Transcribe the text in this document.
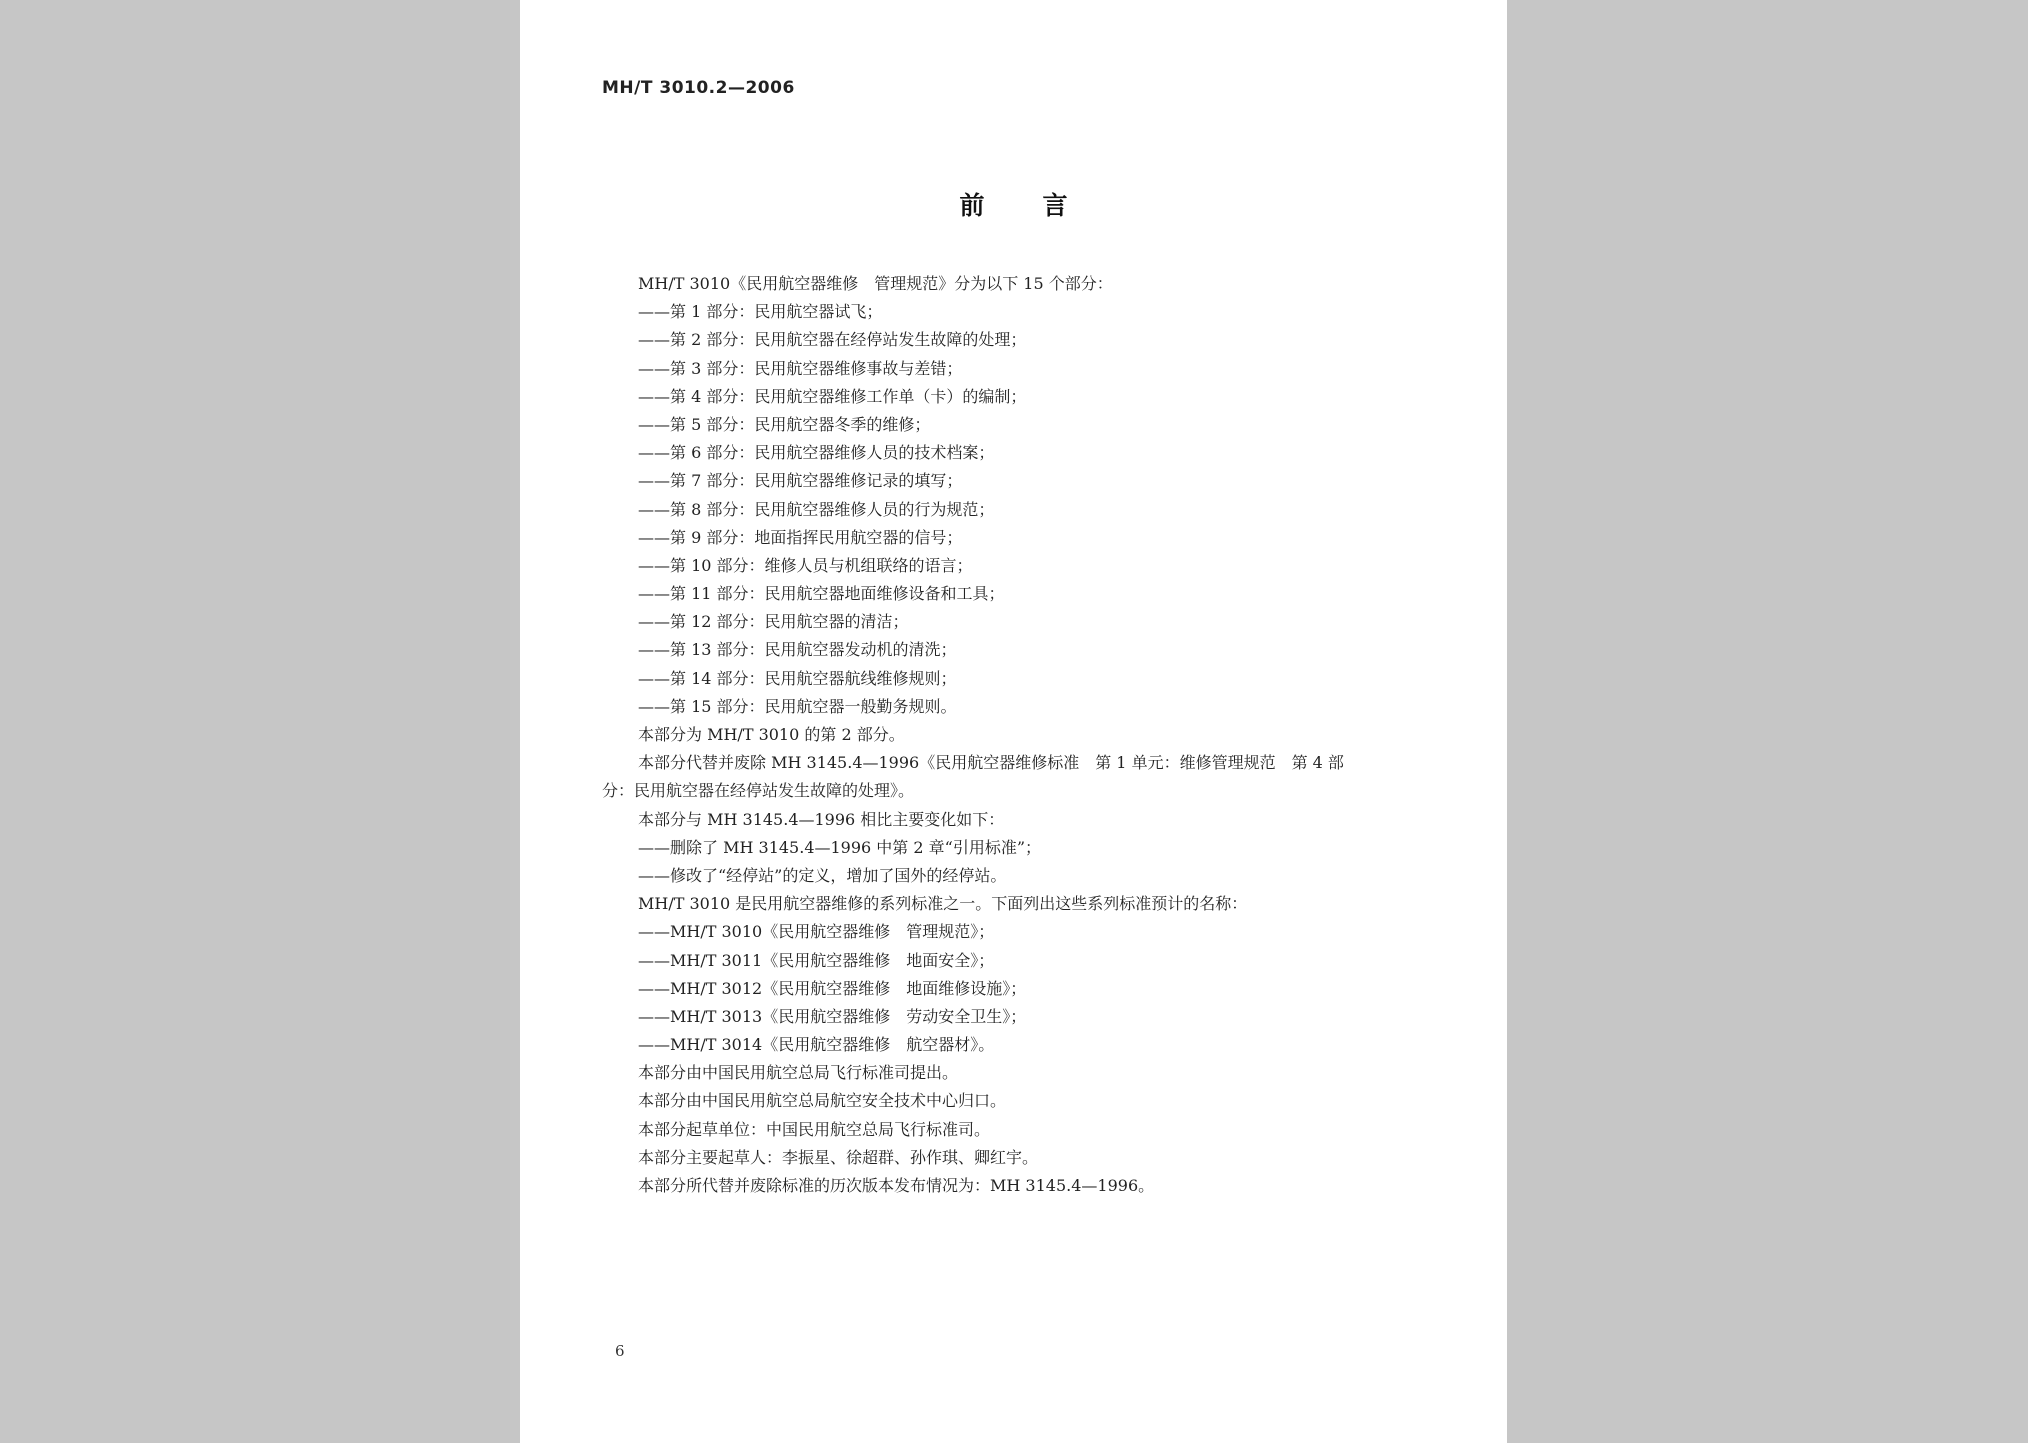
MH/T 3010.2—2006
前言
MH/T 3010《民用航空器维修　管理规范》分为以下 15 个部分：
——第 1 部分：民用航空器试飞；
——第 2 部分：民用航空器在经停站发生故障的处理；
——第 3 部分：民用航空器维修事故与差错；
——第 4 部分：民用航空器维修工作单（卡）的编制；
——第 5 部分：民用航空器冬季的维修；
——第 6 部分：民用航空器维修人员的技术档案；
——第 7 部分：民用航空器维修记录的填写；
——第 8 部分：民用航空器维修人员的行为规范；
——第 9 部分：地面指挥民用航空器的信号；
——第 10 部分：维修人员与机组联络的语言；
——第 11 部分：民用航空器地面维修设备和工具；
——第 12 部分：民用航空器的清洁；
——第 13 部分：民用航空器发动机的清洗；
——第 14 部分：民用航空器航线维修规则；
——第 15 部分：民用航空器一般勤务规则。
本部分为 MH/T 3010 的第 2 部分。
本部分代替并废除 MH 3145.4—1996《民用航空器维修标准　第 1 单元：维修管理规范　第 4 部
分：民用航空器在经停站发生故障的处理》。
本部分与 MH 3145.4—1996 相比主要变化如下：
——删除了 MH 3145.4—1996 中第 2 章“引用标准”；
——修改了“经停站”的定义，增加了国外的经停站。
MH/T 3010 是民用航空器维修的系列标准之一。下面列出这些系列标准预计的名称：
——MH/T 3010《民用航空器维修　管理规范》；
——MH/T 3011《民用航空器维修　地面安全》；
——MH/T 3012《民用航空器维修　地面维修设施》；
——MH/T 3013《民用航空器维修　劳动安全卫生》；
——MH/T 3014《民用航空器维修　航空器材》。
本部分由中国民用航空总局飞行标准司提出。
本部分由中国民用航空总局航空安全技术中心归口。
本部分起草单位：中国民用航空总局飞行标准司。
本部分主要起草人：李振星、徐超群、孙作琪、卿红宇。
本部分所代替并废除标准的历次版本发布情况为：MH 3145.4—1996。
6
